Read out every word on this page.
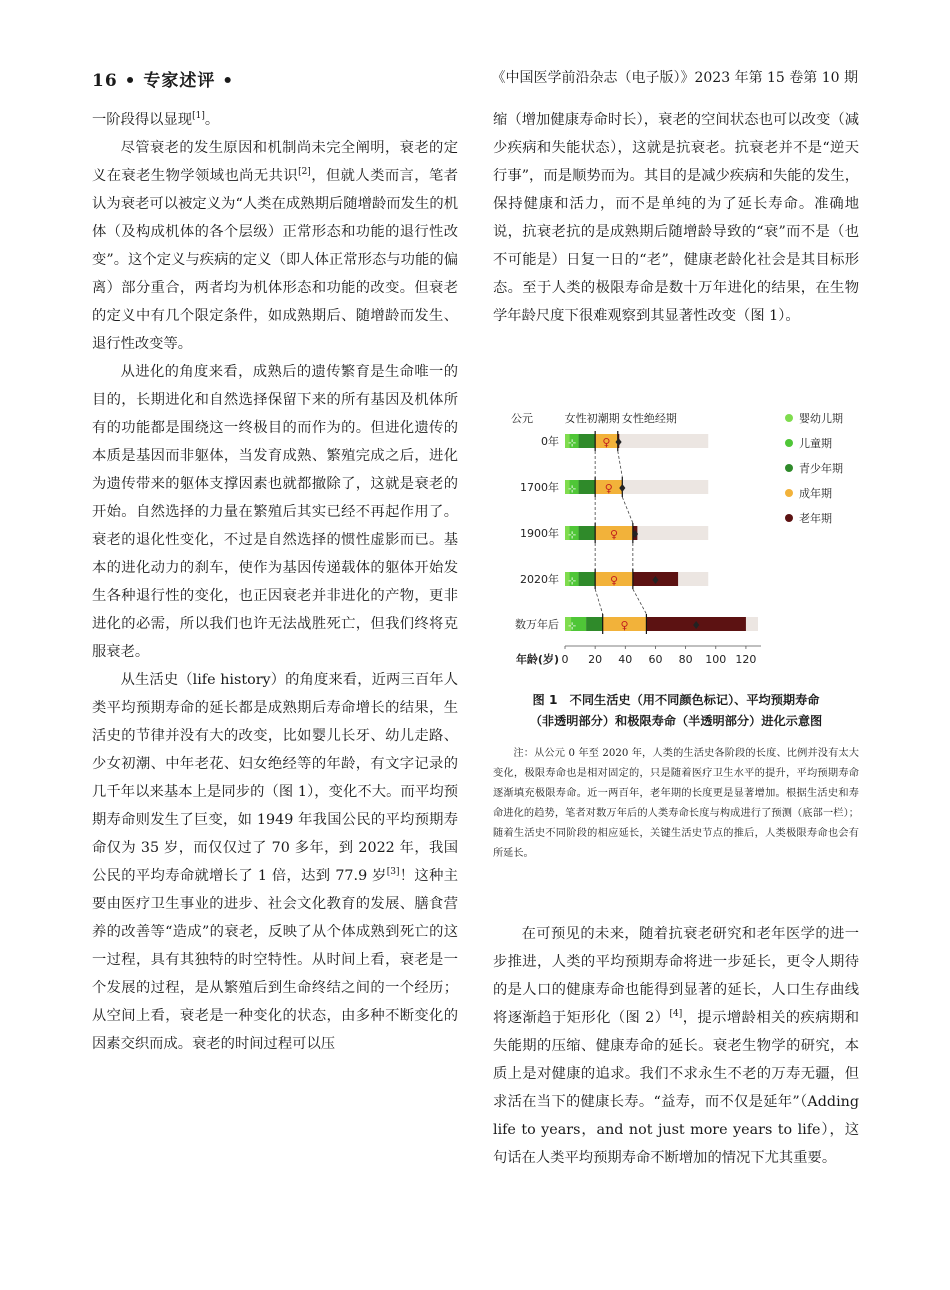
16 • 专家述评 •	《中国医学前沿杂志（电子版）》2023 年第 15 卷第 10 期

一阶段得以显现[1]。

尽管衰老的发生原因和机制尚未完全阐明，衰老的定义在衰老生物学领域也尚无共识[2]，但就人类而言，笔者认为衰老可以被定义为“人类在成熟期后随增龄而发生的机体（及构成机体的各个层级）正常形态和功能的退行性改变”。这个定义与疾病的定义（即人体正常形态与功能的偏离）部分重合，两者均为机体形态和功能的改变。但衰老的定义中有几个限定条件，如成熟期后、随增龄而发生、退行性改变等。

从进化的角度来看，成熟后的遗传繁育是生命唯一的目的，长期进化和自然选择保留下来的所有基因及机体所有的功能都是围绕这一终极目的而作为的。但进化遗传的本质是基因而非躯体，当发育成熟、繁殖完成之后，进化为遗传带来的躯体支撑因素也就都撤除了，这就是衰老的开始。自然选择的力量在繁殖后其实已经不再起作用了。衰老的退化性变化，不过是自然选择的惯性虚影而已。基本的进化动力的刹车，使作为基因传递载体的躯体开始发生各种退行性的变化，也正因衰老并非进化的产物，更非进化的必需，所以我们也许无法战胜死亡，但我们终将克服衰老。

从生活史（life history）的角度来看，近两三百年人类平均预期寿命的延长都是成熟期后寿命增长的结果，生活史的节律并没有大的改变，比如婴儿长牙、幼儿走路、少女初潮、中年老花、妇女绝经等的年龄，有文字记录的几千年以来基本上是同步的（图 1），变化不大。而平均预期寿命则发生了巨变，如 1949 年我国公民的平均预期寿命仅为 35 岁，而仅仅过了 70 多年，到 2022 年，我国公民的平均寿命就增长了 1 倍，达到 77.9 岁[3]！这种主要由医疗卫生事业的进步、社会文化教育的发展、膳食营养的改善等“造成”的衰老，反映了从个体成熟到死亡的这一过程，具有其独特的时空特性。从时间上看，衰老是一个发展的过程，是从繁殖后到生命终结之间的一个经历；从空间上看，衰老是一种变化的状态，由多种不断变化的因素交织而成。衰老的时间过程可以压

缩（增加健康寿命时长），衰老的空间状态也可以改变（减少疾病和失能状态），这就是抗衰老。抗衰老并不是“逆天行事”，而是顺势而为。其目的是减少疾病和失能的发生，保持健康和活力，而不是单纯的为了延长寿命。准确地说，抗衰老抗的是成熟期后随增龄导致的“衰”而不是（也不可能是）日复一日的“老”，健康老龄化社会是其目标形态。至于人类的极限寿命是数十万年进化的结果，在生物学年龄尺度下很难观察到其显著性改变（图 1）。

公元	女性初潮期 女性绝经期
0年 ⊹ ♀ ♦
1700年 ⊹	♀ ♦
1900年 ⊹	♀ ♦
2020年 ⊹	♀	♦
数万年后 ⊹	♀	♦
0 20 40 60 80 100 120
年龄(岁)
婴幼儿期
儿童期
青少年期
成年期
老年期
图 1　不同生活史（用不同颜色标记）、平均预期寿命
（非透明部分）和极限寿命（半透明部分）进化示意图
注：从公元 0 年至 2020 年，人类的生活史各阶段的长度、比例并没有太大变化，极限寿命也是相对固定的，只是随着医疗卫生水平的提升，平均预期寿命逐渐填充极限寿命。近一两百年，老年期的长度更是显著增加。根据生活史和寿命进化的趋势，笔者对数万年后的人类寿命长度与构成进行了预测（底部一栏）；随着生活史不同阶段的相应延长，关键生活史节点的推后，人类极限寿命也会有所延长。

在可预见的未来，随着抗衰老研究和老年医学的进一步推进，人类的平均预期寿命将进一步延长，更令人期待的是人口的健康寿命也能得到显著的延长，人口生存曲线将逐渐趋于矩形化（图 2）[4]，提示增龄相关的疾病期和失能期的压缩、健康寿命的延长。衰老生物学的研究，本质上是对健康的追求。我们不求永生不老的万寿无疆，但求活在当下的健康长寿。“益寿，而不仅是延年”（Adding life to years，and not just more years to life），这句话在人类平均预期寿命不断增加的情况下尤其重要。
